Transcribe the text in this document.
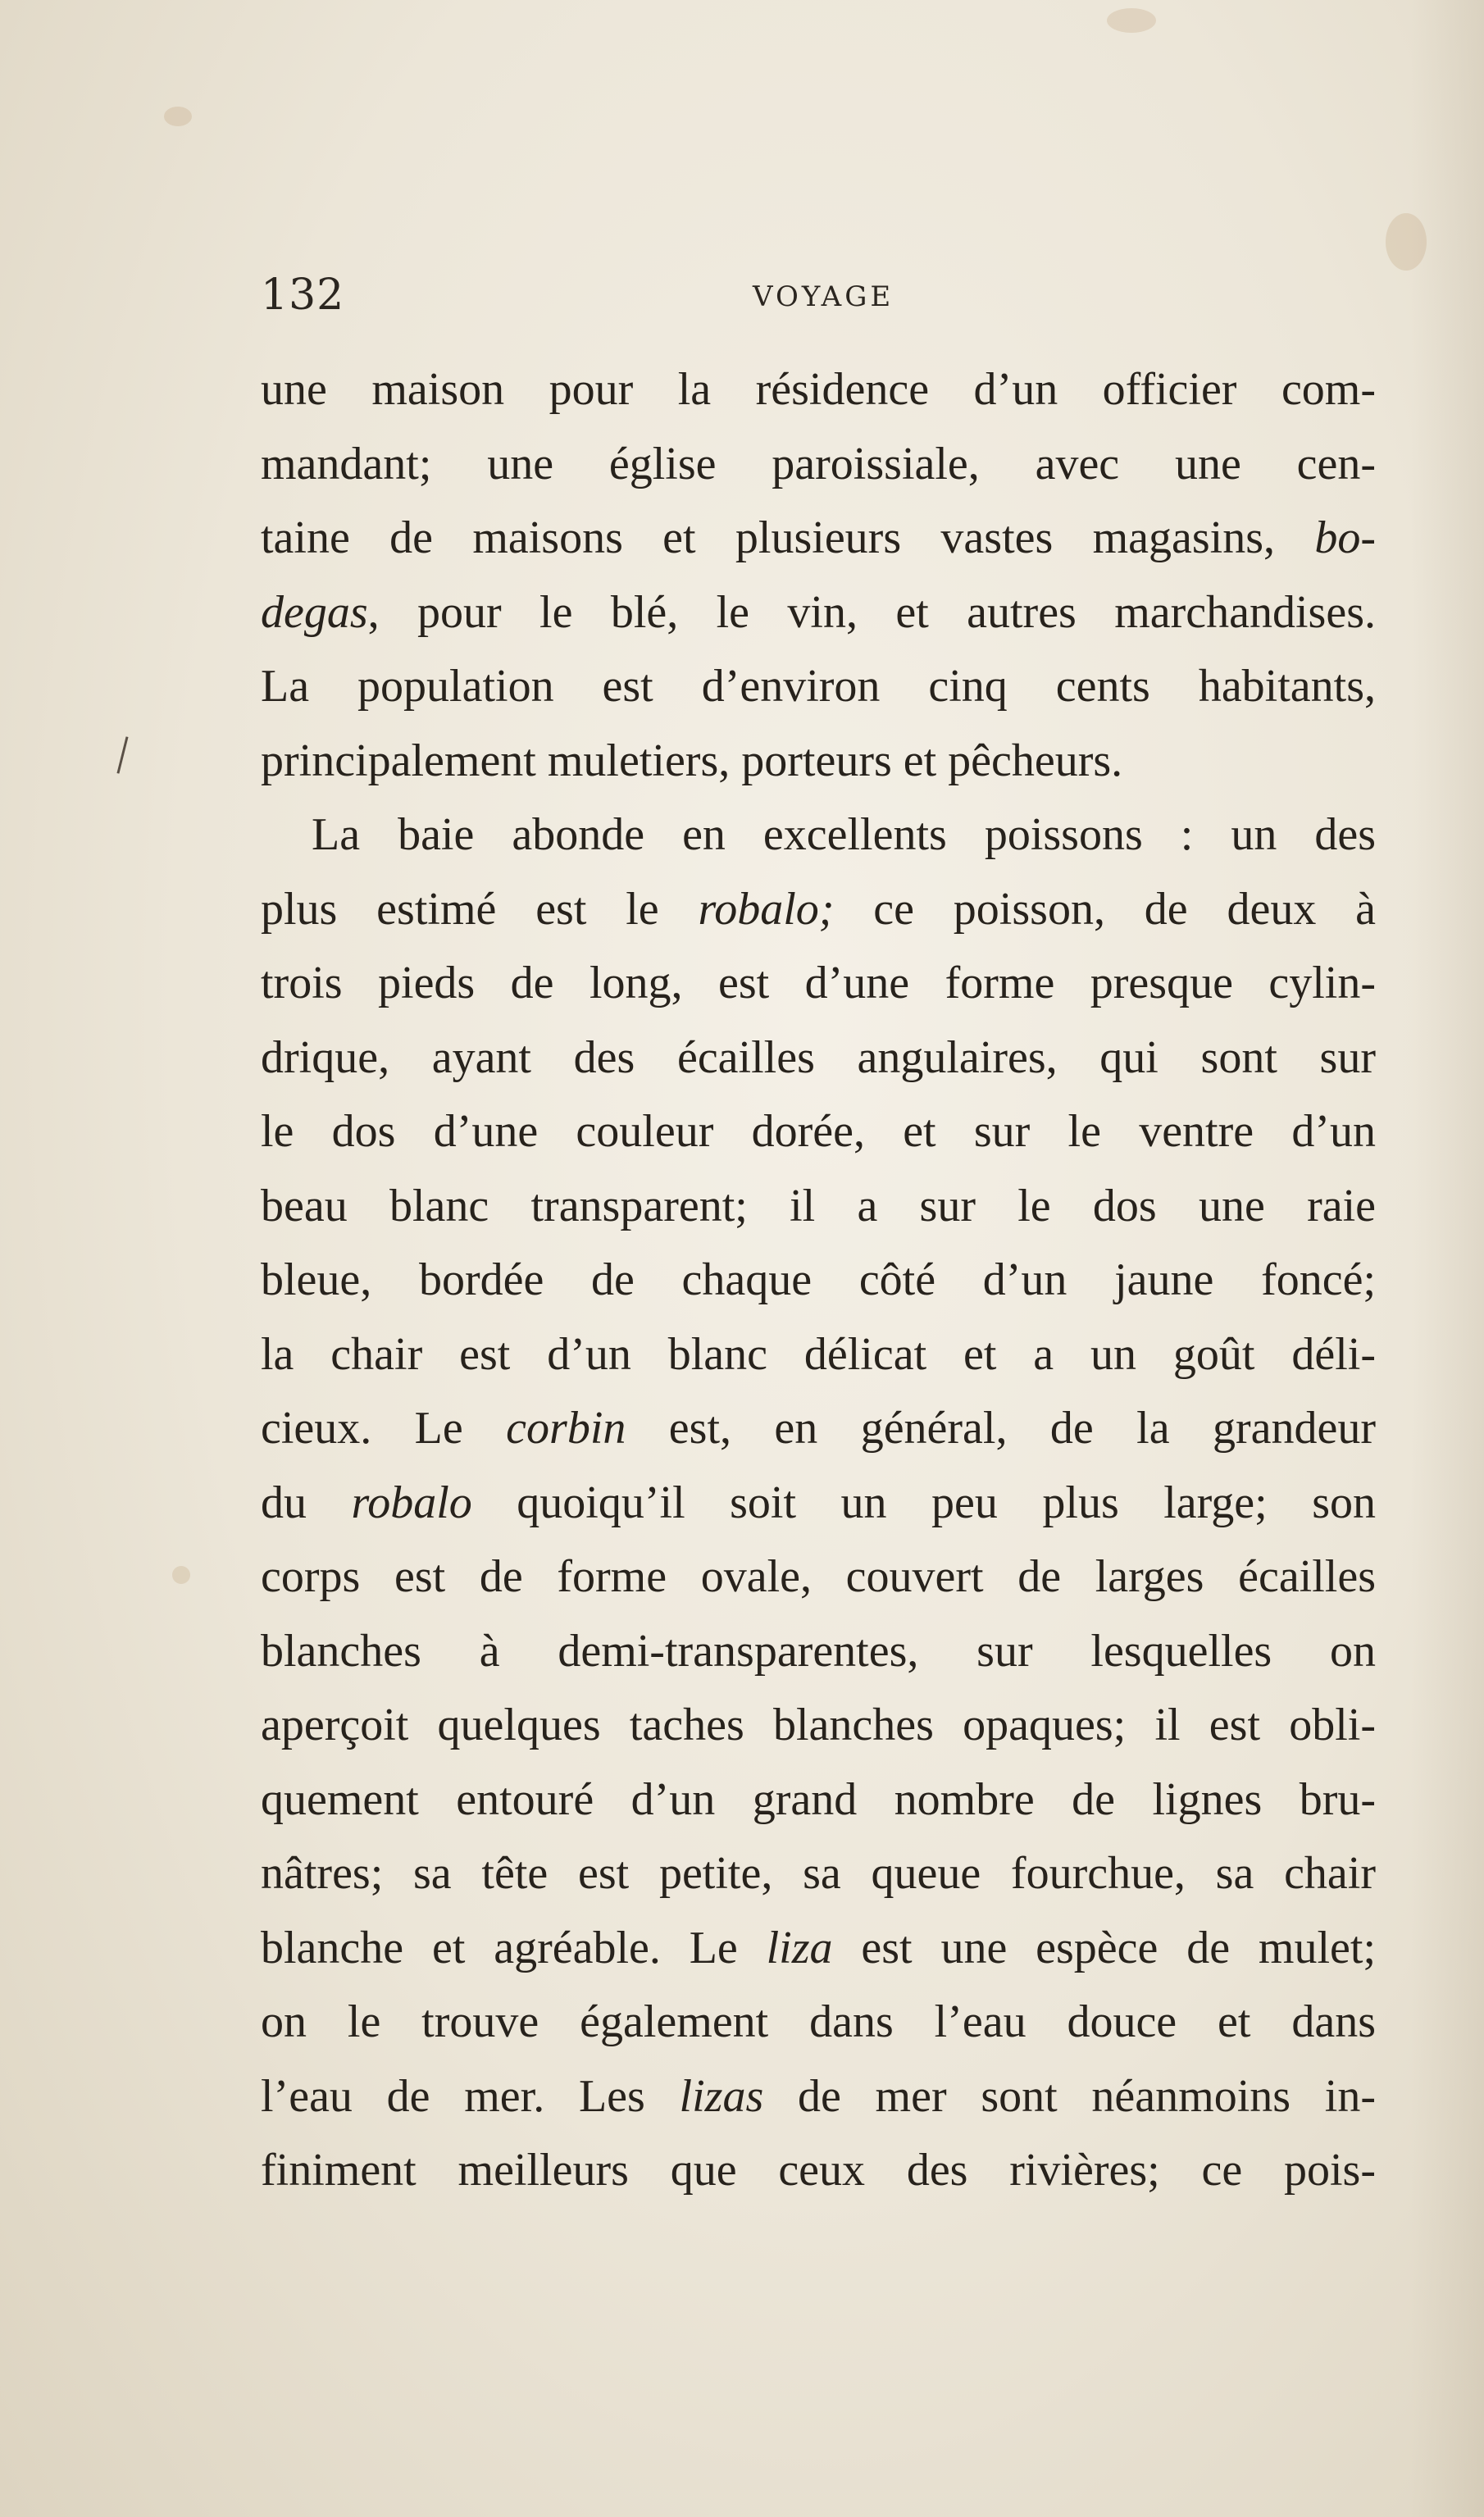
132	VOYAGE
une maison pour la résidence d’un officier com-
mandant; une église paroissiale, avec une cen-
taine de maisons et plusieurs vastes magasins, bo-
degas, pour le blé, le vin, et autres marchandises.
La population est d’environ cinq cents habitants,
principalement muletiers, porteurs et pêcheurs.
La baie abonde en excellents poissons : un des
plus estimé est le robalo; ce poisson, de deux à
trois pieds de long, est d’une forme presque cylin-
drique, ayant des écailles angulaires, qui sont sur
le dos d’une couleur dorée, et sur le ventre d’un
beau blanc transparent; il a sur le dos une raie
bleue, bordée de chaque côté d’un jaune foncé;
la chair est d’un blanc délicat et a un goût déli-
cieux. Le corbin est, en général, de la grandeur
du robalo quoiqu’il soit un peu plus large; son
corps est de forme ovale, couvert de larges écailles
blanches à demi-transparentes, sur lesquelles on
aperçoit quelques taches blanches opaques; il est obli-
quement entouré d’un grand nombre de lignes bru-
nâtres; sa tête est petite, sa queue fourchue, sa chair
blanche et agréable. Le liza est une espèce de mulet;
on le trouve également dans l’eau douce et dans
l’eau de mer. Les lizas de mer sont néanmoins in-
finiment meilleurs que ceux des rivières; ce pois-
